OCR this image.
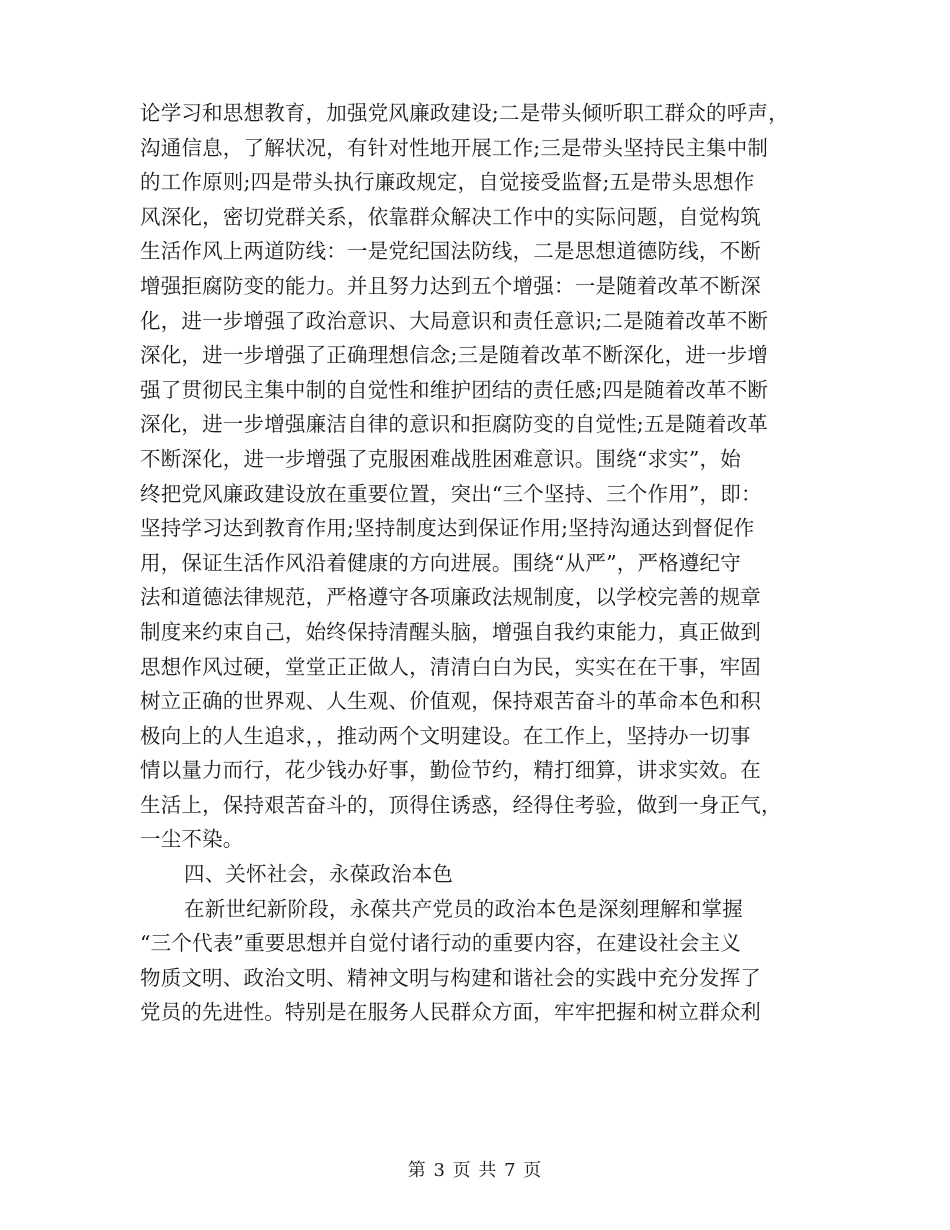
论学习和思想教育，加强党风廉政建设;二是带头倾听职工群众的呼声，
沟通信息，了解状况，有针对性地开展工作;三是带头坚持民主集中制
的工作原则;四是带头执行廉政规定，自觉接受监督;五是带头思想作
风深化，密切党群关系，依靠群众解决工作中的实际问题，自觉构筑
生活作风上两道防线：一是党纪国法防线，二是思想道德防线，不断
增强拒腐防变的能力。并且努力达到五个增强：一是随着改革不断深
化，进一步增强了政治意识、大局意识和责任意识;二是随着改革不断
深化，进一步增强了正确理想信念;三是随着改革不断深化，进一步增
强了贯彻民主集中制的自觉性和维护团结的责任感;四是随着改革不断
深化，进一步增强廉洁自律的意识和拒腐防变的自觉性;五是随着改革
不断深化，进一步增强了克服困难战胜困难意识。围绕“求实”，始
终把党风廉政建设放在重要位置，突出“三个坚持、三个作用”，即：
坚持学习达到教育作用;坚持制度达到保证作用;坚持沟通达到督促作
用，保证生活作风沿着健康的方向进展。围绕“从严”，严格遵纪守
法和道德法律规范，严格遵守各项廉政法规制度，以学校完善的规章
制度来约束自己，始终保持清醒头脑，增强自我约束能力，真正做到
思想作风过硬，堂堂正正做人，清清白白为民，实实在在干事，牢固
树立正确的世界观、人生观、价值观，保持艰苦奋斗的革命本色和积
极向上的人生追求，，推动两个文明建设。在工作上，坚持办一切事
情以量力而行，花少钱办好事，勤俭节约，精打细算，讲求实效。在
生活上，保持艰苦奋斗的，顶得住诱惑，经得住考验，做到一身正气，
一尘不染。
四、关怀社会，永葆政治本色
在新世纪新阶段，永葆共产党员的政治本色是深刻理解和掌握
“三个代表”重要思想并自觉付诸行动的重要内容，在建设社会主义
物质文明、政治文明、精神文明与构建和谐社会的实践中充分发挥了
党员的先进性。特别是在服务人民群众方面，牢牢把握和树立群众利
第 3 页 共 7 页
